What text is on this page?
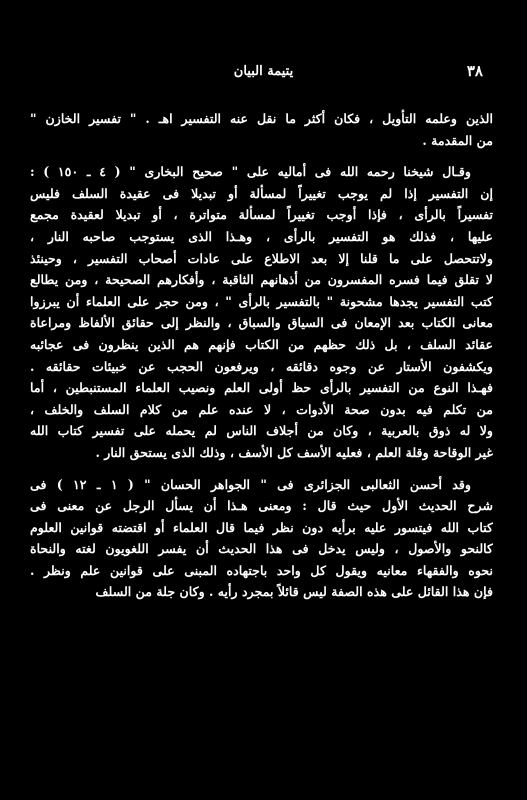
٣٨
يتيمة البيان
الذين وعلمه التأويل ، فكان أكثر ما نقل عنه التفسير اهـ . " تفسير الخازن "
من المقدمة .
وقـال شيخنا رحمه الله فى أماليه على " صحيح البخارى " ( ٤ ـ ١٥٠ ) :
إن التفسير إذا لم يوجب تغييراً لمسألة أو تبديلا فى عقيدة السلف فليس
تفسيراً بالرأى ، فإذا أوجب تغييراً لمسألة متواترة ، أو تبديلا لعقيدة مجمع
عليها ، فذلك هو التفسير بالرأى ، وهـذا الذى يستوجب صاحبه النار ،
ولاتتحصل على ما قلنا إلا بعد الاطلاع على عادات أصحاب التفسير ، وحينئذ
لا تقلق فيما فسره المفسرون من أذهانهم الثاقبة ، وأفكارهم الصحيحة ، ومن يطالع
كتب التفسير يجدها مشحونة " بالتفسير بالرأى " ، ومن حجر على العلماء أن يبرزوا
معانى الكتاب بعد الإمعان فى السياق والسباق ، والنظر إلى حقائق الألفاظ ومراعاة
عقائد السلف ، بل ذلك حظهم من الكتاب فإنهم هم الذين ينظرون فى عجائبه
ويكشفون الأستار عن وجوه دقائقه ، ويرفعون الحجب عن خبيئات حقائقه .
فهـذا النوع من التفسير بالرأى حظ أولى العلم ونصيب العلماء المستنبطين ، أما
من تكلم فيه بدون صحة الأدوات ، لا عنده علم من كلام السلف والخلف ،
ولا له ذوق بالعربية ، وكان من أجلاف الناس لم يحمله على تفسير كتاب الله
غير الوقاحة وقلة العلم ، فعليه الأسف كل الأسف ، وذلك الذى يستحق النار .
وقد أحسن الثعالبى الجزائرى فى " الجواهر الحسان " ( ١ ـ ١٢ ) فى
شرح الحديث الأول حيث قال : ومعنى هـذا أن يسأل الرجل عن معنى فى
كتاب الله فيتسور عليه برأيه دون نظر فيما قال العلماء أو اقتضته قوانين العلوم
كالنحو والأصول ، وليس يدخل فى هذا الحديث أن يفسر اللغويون لغته والنحاة
نحوه والفقهاء معانيه ويقول كل واحد باجتهاده المبنى على قوانين علم ونظر .
فإن هذا القائل على هذه الصفة ليس قائلاً بمجرد رأيه . وكان جلة من السلف
